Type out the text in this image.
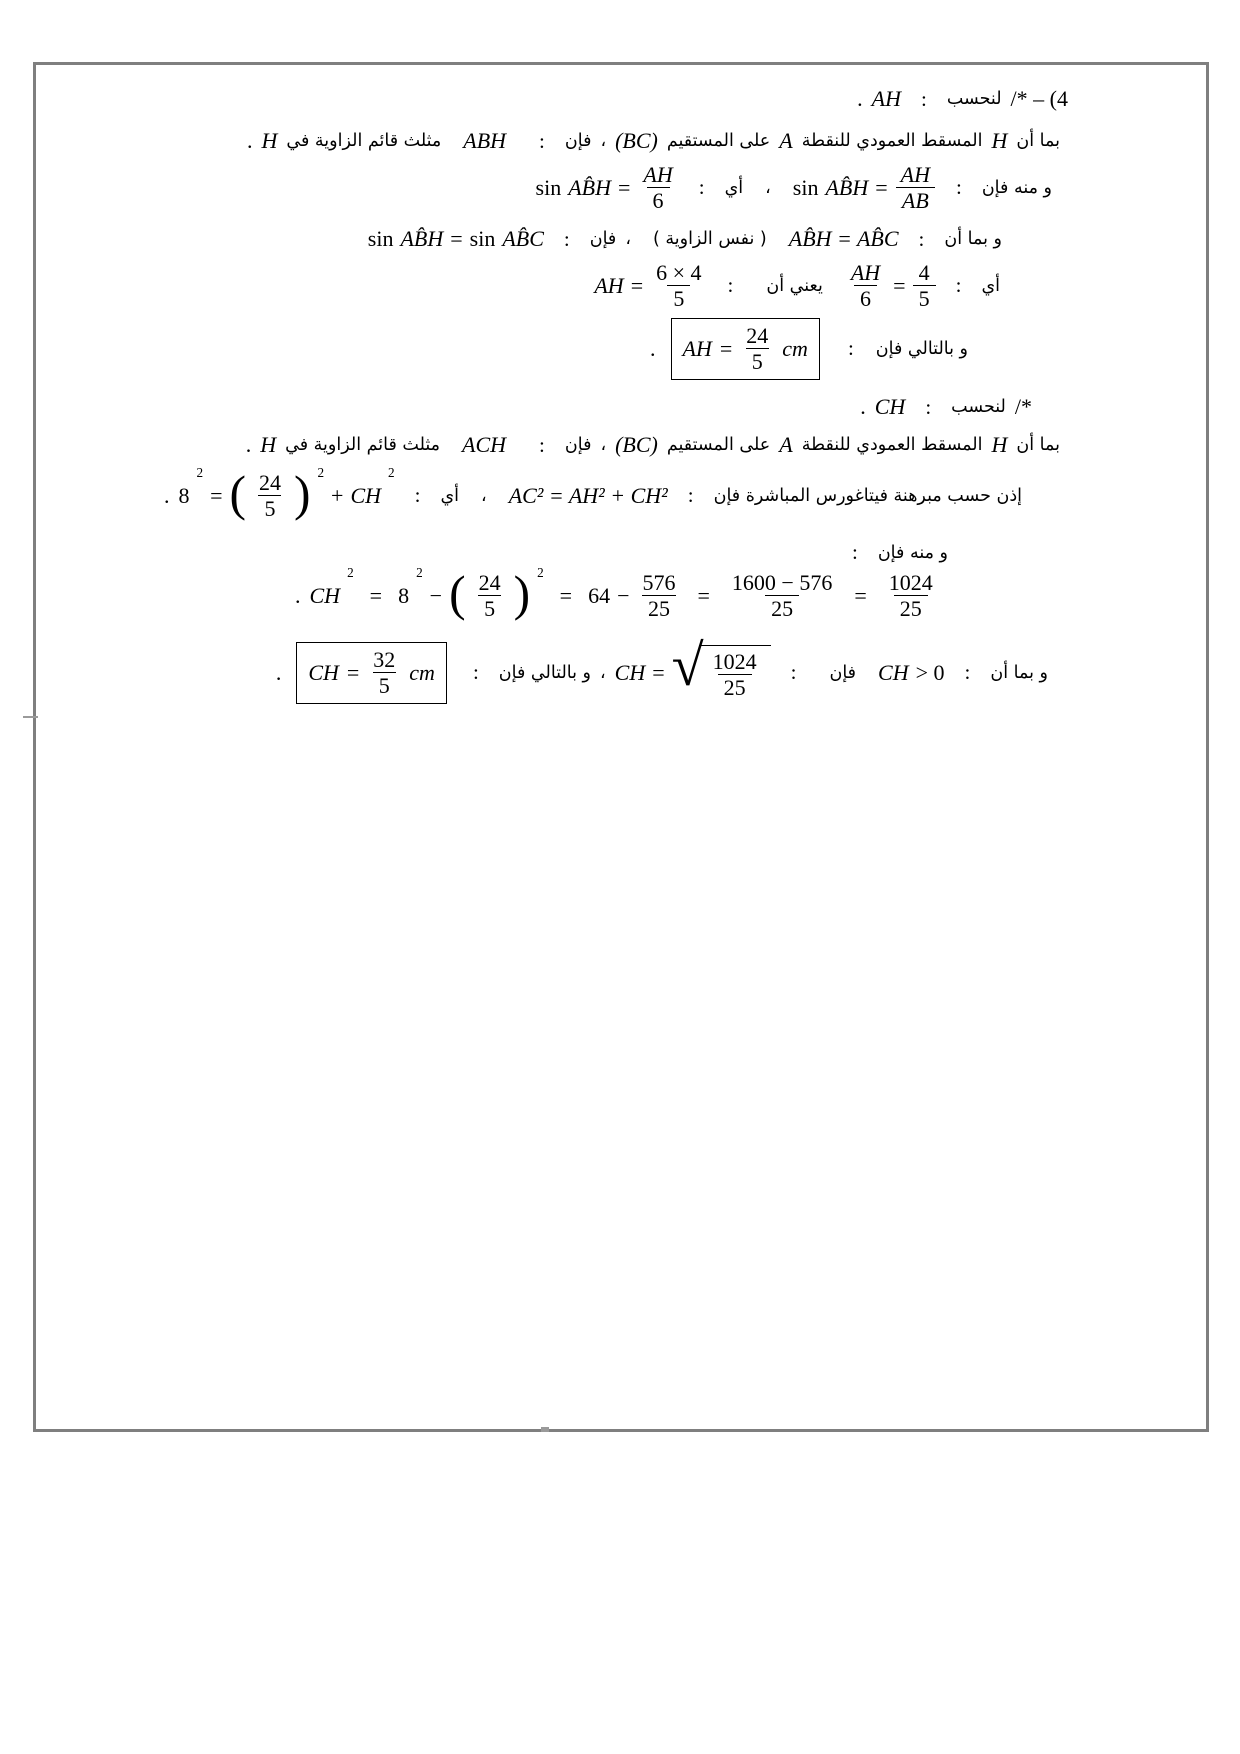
/* – (4
لنحسب
:
AH
.
بما أن
H
المسقط العمودي للنقطة
A
على المستقيم
(BC)
،
فإن
:
ABH
مثلث قائم الزاوية في
H
.
و منه فإن
:
sin AB̂H = $\frac{AH}{AB}$
،
أي
:
sin AB̂H = $\frac{AH}{6}$
و بما أن
:
AB̂H = AB̂C
( نفس الزاوية )
،
فإن
:
sin AB̂H = sin AB̂C
أي
:
$\frac{AH}{6} = \frac{4}{5}$
يعني أن
:
AH = $\frac{6 \times 4}{5}$
و بالتالي فإن
:
AH = $\frac{24}{5}$ cm
.
/*
لنحسب
:
CH
.
بما أن
H
المسقط العمودي للنقطة
A
على المستقيم
(BC)
،
فإن
:
ACH
مثلث قائم الزاوية في
H
.
إذن حسب مبرهنة فيتاغورس المباشرة فإن
:
AC² = AH² + CH²
،
أي
:
8
2
= ( $\frac{24}{5}$ ) $^2$
+ CH
2
.
و منه فإن
:
. CH
2
= 8
2
− ( $\frac{24}{5}$ ) $^2$
= $64 - \frac{576}{25} = \frac{1600 - 576}{25} = \frac{1024}{25}$
و بما أن
:
CH > 0
فإن
:
CH = √ $\frac{1024}{25}$
،
و بالتالي فإن
:
CH = $\frac{32}{5}$ cm
.
